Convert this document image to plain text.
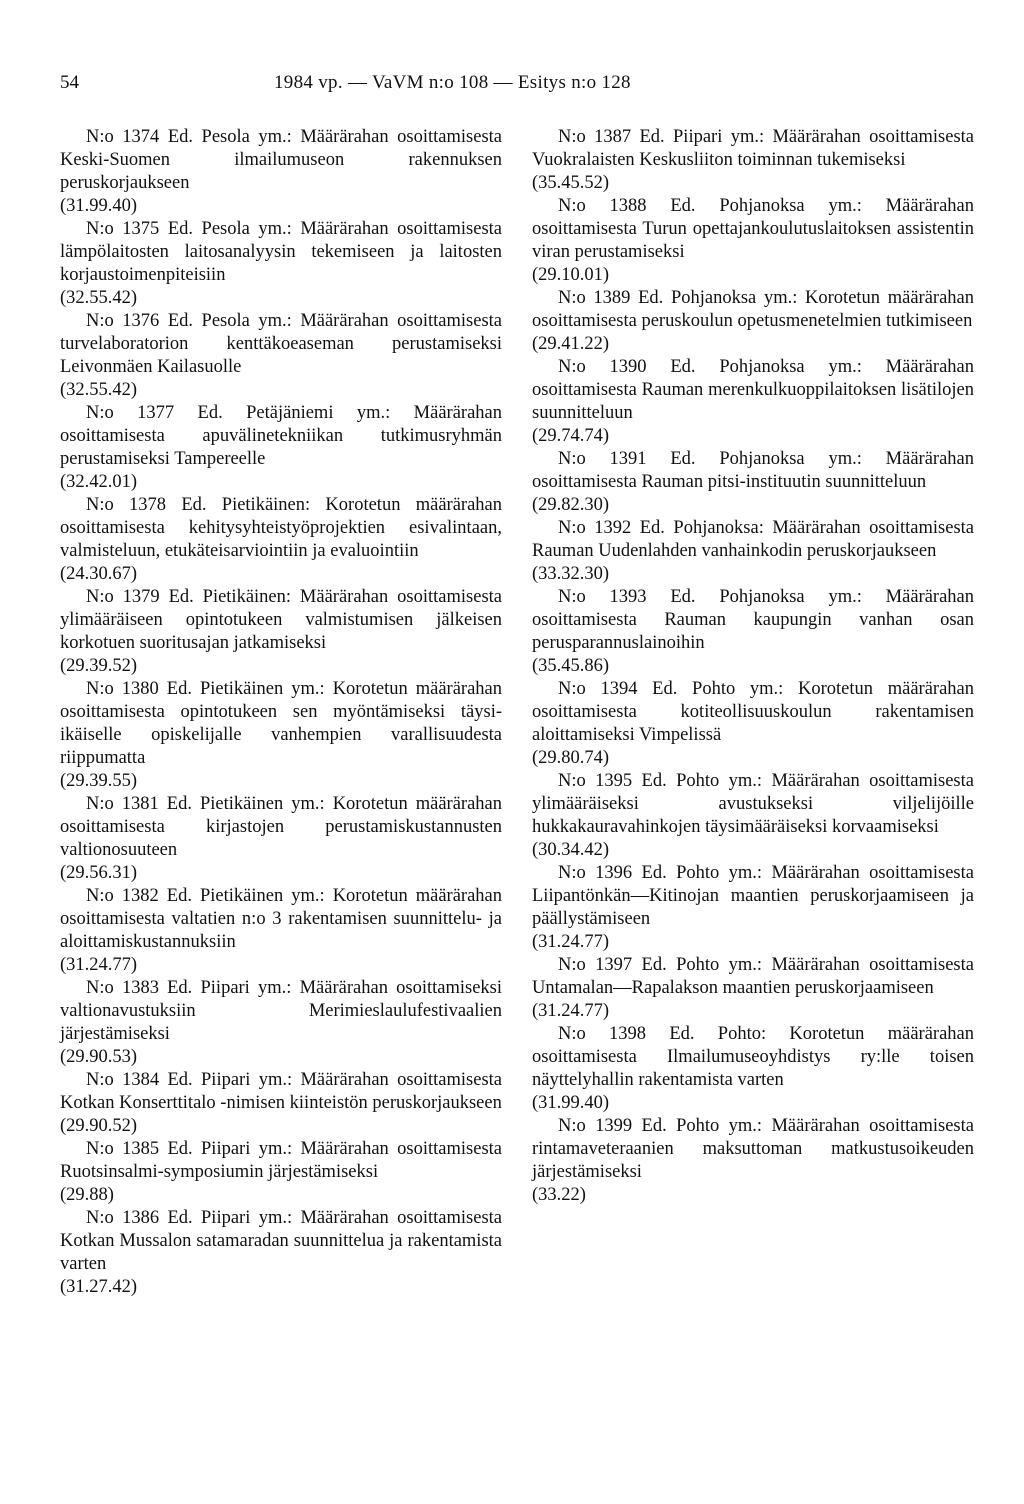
54	1984 vp. — VaVM n:o 108 — Esitys n:o 128

N:o 1374 Ed. Pesola ym.: Määrärahan osoittamisesta Keski-Suomen ilmailumuseon rakennuksen peruskorjaukseen

(31.99.40)

N:o 1375 Ed. Pesola ym.: Määrärahan osoittamisesta lämpölaitosten laitosanalyysin tekemiseen ja laitosten korjaustoimenpiteisiin

(32.55.42)

N:o 1376 Ed. Pesola ym.: Määrärahan osoittamisesta turvelaboratorion kenttäkoeaseman perustamiseksi Leivonmäen Kailasuolle

(32.55.42)

N:o 1377 Ed. Petäjäniemi ym.: Määrärahan osoittamisesta apuvälinetekniikan tutkimusryhmän perustamiseksi Tampereelle

(32.42.01)

N:o 1378 Ed. Pietikäinen: Korotetun määrärahan osoittamisesta kehitysyhteistyöprojektien esivalintaan, valmisteluun, etukäteisarviointiin ja evaluointiin

(24.30.67)

N:o 1379 Ed. Pietikäinen: Määrärahan osoittamisesta ylimääräiseen opintotukeen valmistumisen jälkeisen korkotuen suoritusajan jatkamiseksi

(29.39.52)

N:o 1380 Ed. Pietikäinen ym.: Korotetun määrärahan osoittamisesta opintotukeen sen myöntämiseksi täysi-ikäiselle opiskelijalle vanhempien varallisuudesta riippumatta

(29.39.55)

N:o 1381 Ed. Pietikäinen ym.: Korotetun määrärahan osoittamisesta kirjastojen perustamiskustannusten valtionosuuteen

(29.56.31)

N:o 1382 Ed. Pietikäinen ym.: Korotetun määrärahan osoittamisesta valtatien n:o 3 rakentamisen suunnittelu- ja aloittamiskustannuksiin

(31.24.77)

N:o 1383 Ed. Piipari ym.: Määrärahan osoittamiseksi valtionavustuksiin Merimieslaulufestivaalien järjestämiseksi

(29.90.53)

N:o 1384 Ed. Piipari ym.: Määrärahan osoittamisesta Kotkan Konserttitalo -nimisen kiinteistön peruskorjaukseen

(29.90.52)

N:o 1385 Ed. Piipari ym.: Määrärahan osoittamisesta Ruotsinsalmi-symposiumin järjestämiseksi

(29.88)

N:o 1386 Ed. Piipari ym.: Määrärahan osoittamisesta Kotkan Mussalon satamaradan suunnittelua ja rakentamista varten

(31.27.42)

N:o 1387 Ed. Piipari ym.: Määrärahan osoittamisesta Vuokralaisten Keskusliiton toiminnan tukemiseksi

(35.45.52)

N:o 1388 Ed. Pohjanoksa ym.: Määrärahan osoittamisesta Turun opettajankoulutuslaitoksen assistentin viran perustamiseksi

(29.10.01)

N:o 1389 Ed. Pohjanoksa ym.: Korotetun määrärahan osoittamisesta peruskoulun opetusmenetelmien tutkimiseen

(29.41.22)

N:o 1390 Ed. Pohjanoksa ym.: Määrärahan osoittamisesta Rauman merenkulkuoppilaitoksen lisätilojen suunnitteluun

(29.74.74)

N:o 1391 Ed. Pohjanoksa ym.: Määrärahan osoittamisesta Rauman pitsi-instituutin suunnitteluun

(29.82.30)

N:o 1392 Ed. Pohjanoksa: Määrärahan osoittamisesta Rauman Uudenlahden vanhainkodin peruskorjaukseen

(33.32.30)

N:o 1393 Ed. Pohjanoksa ym.: Määrärahan osoittamisesta Rauman kaupungin vanhan osan perusparannuslainoihin

(35.45.86)

N:o 1394 Ed. Pohto ym.: Korotetun määrärahan osoittamisesta kotiteollisuuskoulun rakentamisen aloittamiseksi Vimpelissä

(29.80.74)

N:o 1395 Ed. Pohto ym.: Määrärahan osoittamisesta ylimääräiseksi avustukseksi viljelijöille hukkakauravahinkojen täysimääräiseksi korvaamiseksi

(30.34.42)

N:o 1396 Ed. Pohto ym.: Määrärahan osoittamisesta Liipantönkän—Kitinojan maantien peruskorjaamiseen ja päällystämiseen

(31.24.77)

N:o 1397 Ed. Pohto ym.: Määrärahan osoittamisesta Untamalan—Rapalakson maantien peruskorjaamiseen

(31.24.77)

N:o 1398 Ed. Pohto: Korotetun määrärahan osoittamisesta Ilmailumuseoyhdistys ry:lle toisen näyttelyhallin rakentamista varten

(31.99.40)

N:o 1399 Ed. Pohto ym.: Määrärahan osoittamisesta rintamaveteraanien maksuttoman matkustusoikeuden järjestämiseksi

(33.22)
